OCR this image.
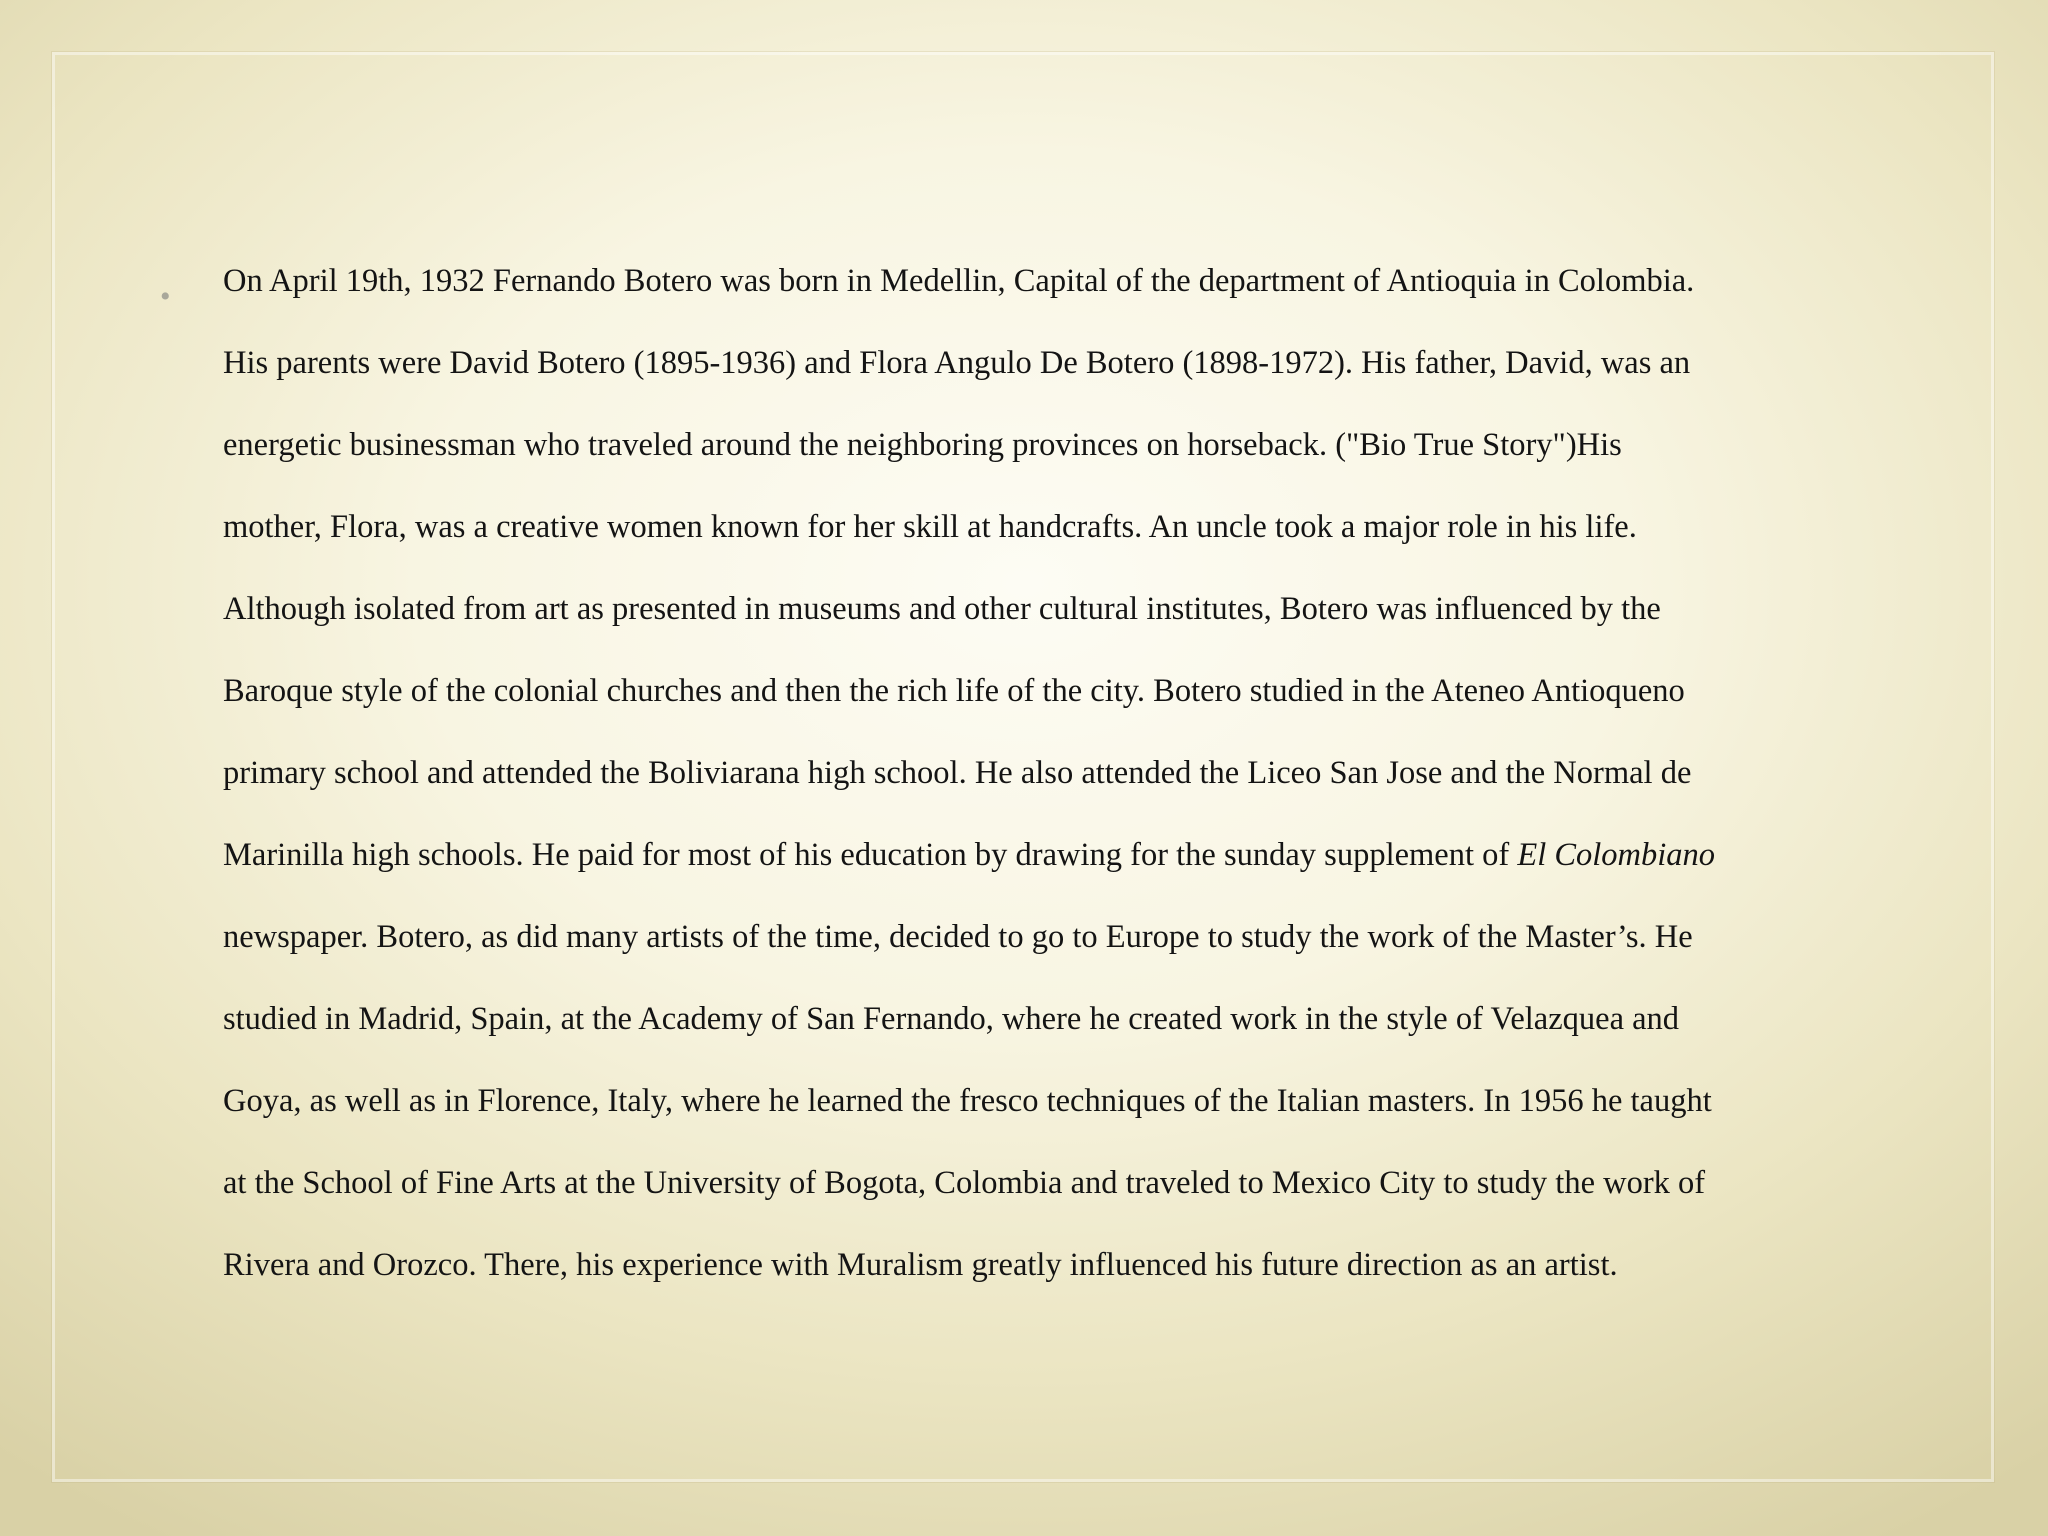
• On April 19th, 1932 Fernando Botero was born in Medellin, Capital of the department of Antioquia in Colombia.
His parents were David Botero (1895-1936) and Flora Angulo De Botero (1898-1972). His father, David, was an
energetic businessman who traveled around the neighboring provinces on horseback. ("Bio True Story")His
mother, Flora, was a creative women known for her skill at handcrafts. An uncle took a major role in his life.
Although isolated from art as presented in museums and other cultural institutes, Botero was influenced by the
Baroque style of the colonial churches and then the rich life of the city. Botero studied in the Ateneo Antioqueno
primary school and attended the Boliviarana high school. He also attended the Liceo San Jose and the Normal de
Marinilla high schools. He paid for most of his education by drawing for the sunday supplement of El Colombiano
newspaper. Botero, as did many artists of the time, decided to go to Europe to study the work of the Master’s. He
studied in Madrid, Spain, at the Academy of San Fernando, where he created work in the style of Velazquea and
Goya, as well as in Florence, Italy, where he learned the fresco techniques of the Italian masters. In 1956 he taught
at the School of Fine Arts at the University of Bogota, Colombia and traveled to Mexico City to study the work of
Rivera and Orozco. There, his experience with Muralism greatly influenced his future direction as an artist.
